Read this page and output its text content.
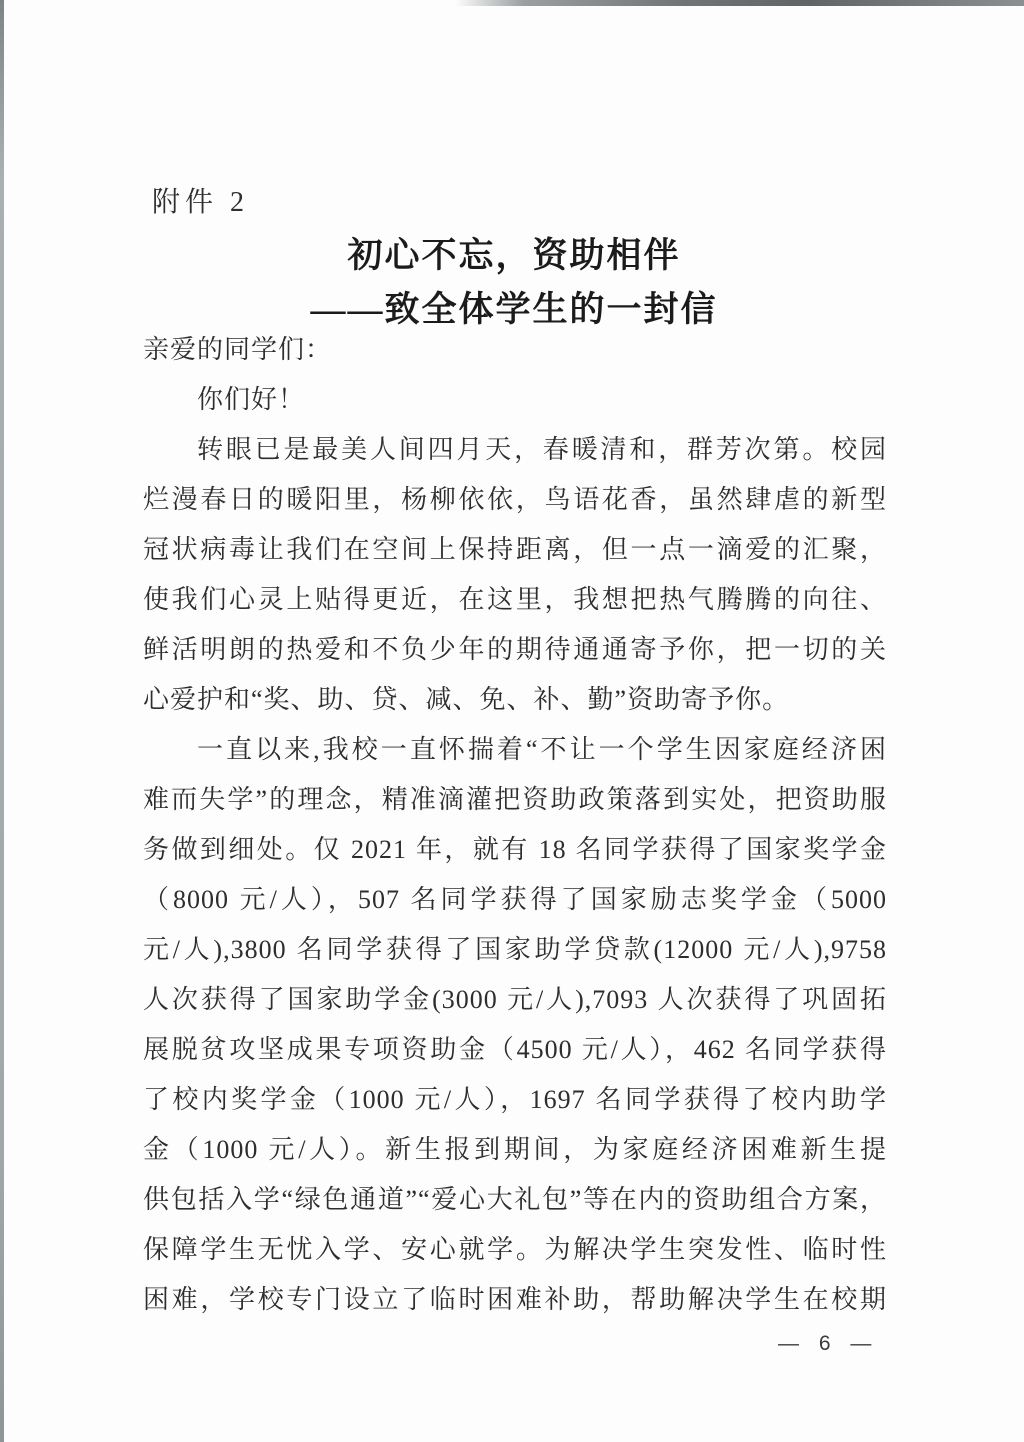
附件 2
初心不忘，资助相伴
——致全体学生的一封信
亲爱的同学们：
你们好！
转眼已是最美人间四月天，春暖清和，群芳次第。校园
烂漫春日的暖阳里，杨柳依依，鸟语花香，虽然肆虐的新型
冠状病毒让我们在空间上保持距离，但一点一滴爱的汇聚，
使我们心灵上贴得更近，在这里，我想把热气腾腾的向往、
鲜活明朗的热爱和不负少年的期待通通寄予你，把一切的关
心爱护和“奖、助、贷、减、免、补、勤”资助寄予你。
一直以来,我校一直怀揣着“不让一个学生因家庭经济困
难而失学”的理念，精准滴灌把资助政策落到实处，把资助服
务做到细处。仅 2021 年，就有 18 名同学获得了国家奖学金
（8000 元/人），507 名同学获得了国家励志奖学金（5000
元/人),3800 名同学获得了国家助学贷款(12000 元/人),9758
人次获得了国家助学金(3000 元/人),7093 人次获得了巩固拓
展脱贫攻坚成果专项资助金（4500 元/人），462 名同学获得
了校内奖学金（1000 元/人），1697 名同学获得了校内助学
金（1000 元/人）。新生报到期间，为家庭经济困难新生提
供包括入学“绿色通道”“爱心大礼包”等在内的资助组合方案，
保障学生无忧入学、安心就学。为解决学生突发性、临时性
困难，学校专门设立了临时困难补助，帮助解决学生在校期
— 6 —
